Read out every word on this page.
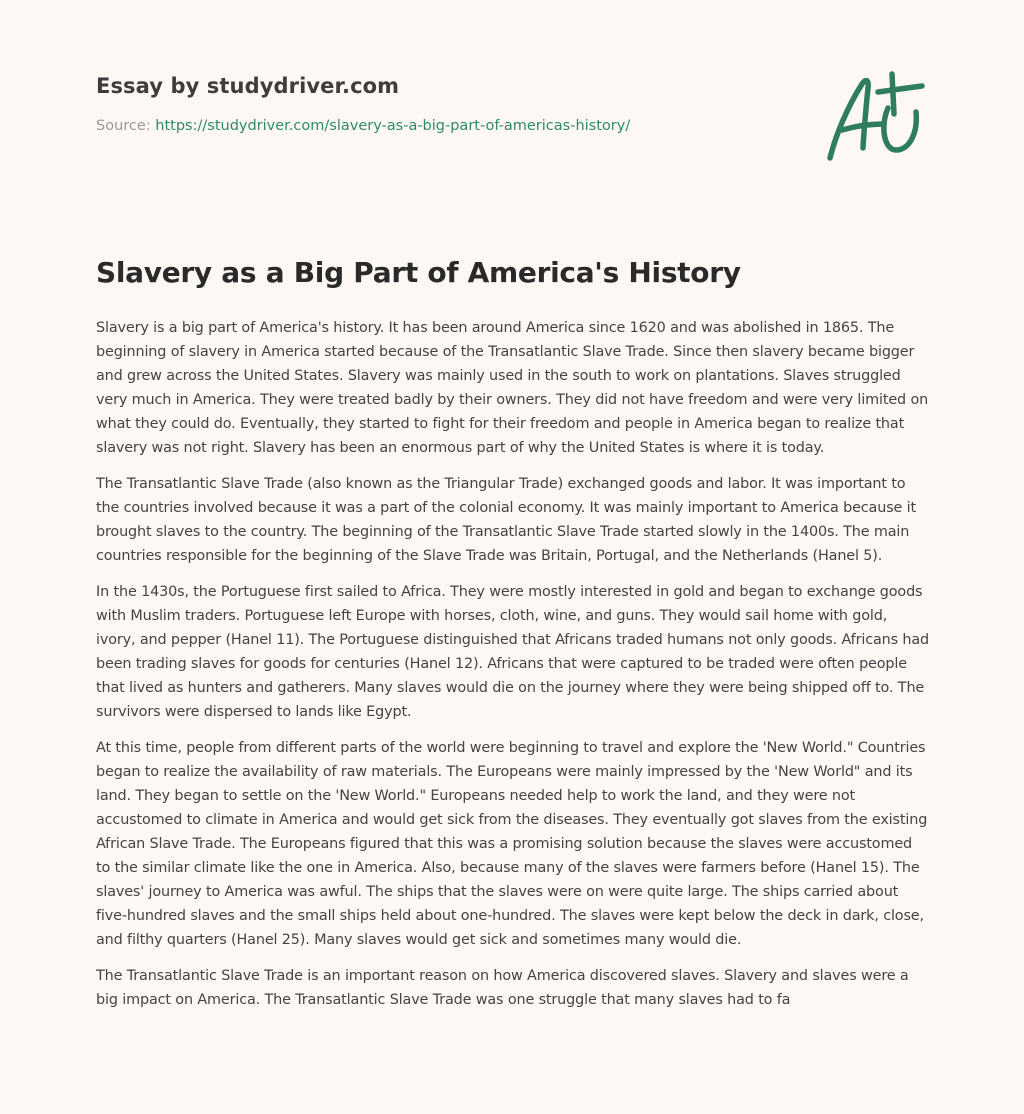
Essay by studydriver.com
Source: https://studydriver.com/slavery-as-a-big-part-of-americas-history/
Slavery as a Big Part of America's History

Slavery is a big part of America's history. It has been around America since 1620 and was abolished in 1865. The beginning of slavery in America started because of the Transatlantic Slave Trade. Since then slavery became bigger and grew across the United States. Slavery was mainly used in the south to work on plantations. Slaves struggled very much in America. They were treated badly by their owners. They did not have freedom and were very limited on what they could do. Eventually, they started to fight for their freedom and people in America began to realize that slavery was not right. Slavery has been an enormous part of why the United States is where it is today.

The Transatlantic Slave Trade (also known as the Triangular Trade) exchanged goods and labor. It was important to the countries involved because it was a part of the colonial economy. It was mainly important to America because it brought slaves to the country. The beginning of the Transatlantic Slave Trade started slowly in the 1400s. The main countries responsible for the beginning of the Slave Trade was Britain, Portugal, and the Netherlands (Hanel 5).

In the 1430s, the Portuguese first sailed to Africa. They were mostly interested in gold and began to exchange goods with Muslim traders. Portuguese left Europe with horses, cloth, wine, and guns. They would sail home with gold, ivory, and pepper (Hanel 11). The Portuguese distinguished that Africans traded humans not only goods. Africans had been trading slaves for goods for centuries (Hanel 12). Africans that were captured to be traded were often people that lived as hunters and gatherers. Many slaves would die on the journey where they were being shipped off to. The survivors were dispersed to lands like Egypt.

At this time, people from different parts of the world were beginning to travel and explore the 'New World." Countries began to realize the availability of raw materials. The Europeans were mainly impressed by the 'New World" and its land. They began to settle on the 'New World." Europeans needed help to work the land, and they were not accustomed to climate in America and would get sick from the diseases. They eventually got slaves from the existing African Slave Trade. The Europeans figured that this was a promising solution because the slaves were accustomed to the similar climate like the one in America. Also, because many of the slaves were farmers before (Hanel 15). The slaves' journey to America was awful. The ships that the slaves were on were quite large. The ships carried about five-hundred slaves and the small ships held about one-hundred. The slaves were kept below the deck in dark, close, and filthy quarters (Hanel 25). Many slaves would get sick and sometimes many would die.

The Transatlantic Slave Trade is an important reason on how America discovered slaves. Slavery and slaves were a big impact on America. The Transatlantic Slave Trade was one struggle that many slaves had to fa
